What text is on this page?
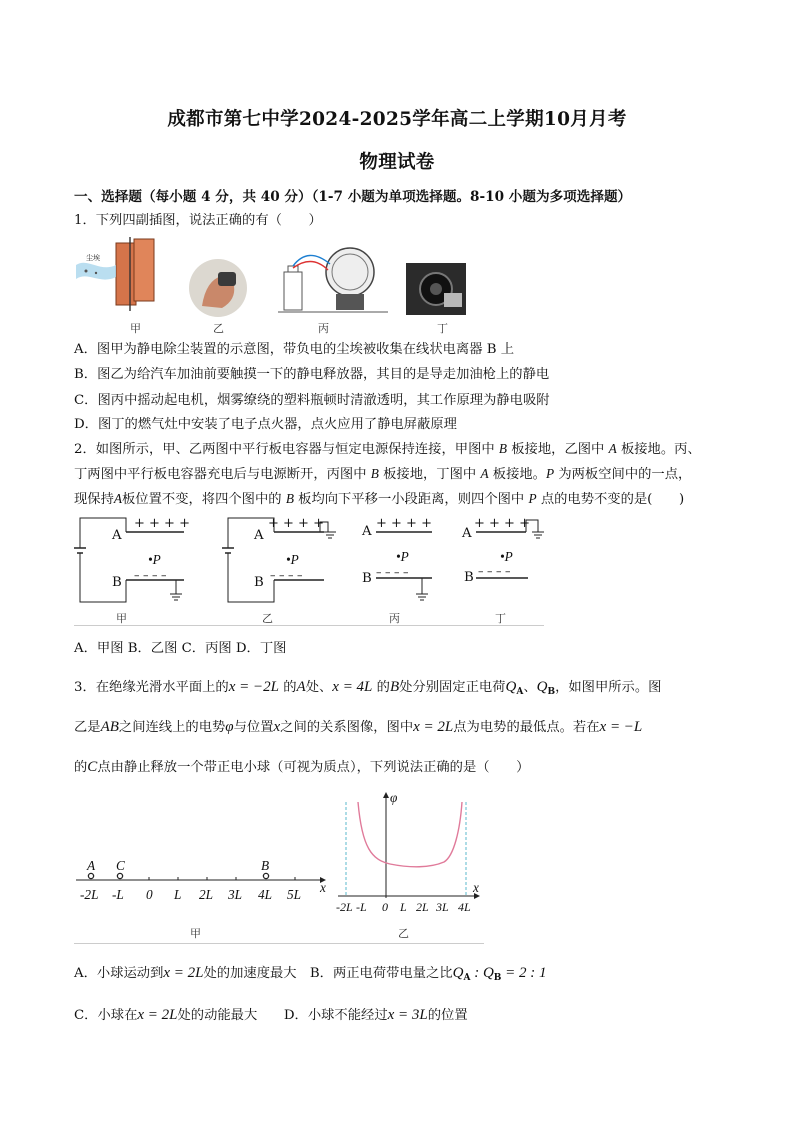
成都市第七中学2024-2025学年高二上学期10月月考
物理试卷
一、选择题（每小题 4 分，共 40 分）（1-7 小题为单项选择题。8-10 小题为多项选择题）
1．下列四副插图，说法正确的有（　　）
尘埃
甲	乙	丙	丁
A．图甲为静电除尘装置的示意图，带负电的尘埃被收集在线状电离器 B 上
B．图乙为给汽车加油前要触摸一下的静电释放器，其目的是导走加油枪上的静电
C．图丙中摇动起电机，烟雾缭绕的塑料瓶顿时清澈透明，其工作原理为静电吸附
D．图丁的燃气灶中安装了电子点火器，点火应用了静电屏蔽原理
2．如图所示，甲、乙两图中平行板电容器与恒定电源保持连接，甲图中 B 板接地，乙图中 A 板接地。丙、
丁两图中平行板电容器充电后与电源断开，丙图中 B 板接地，丁图中 A 板接地。P 为两板空间中的一点，
现保持A板位置不变，将四个图中的 B 板均向下平移一小段距离，则四个图中 P 点的电势不变的是(　　)
A
+ + + +
•P
B – – – –
A
+ + + +
•P
B – – – –
A
+ + + +
•P
B – – – –
A
+ + + +
•P
B – – – –
甲	乙	丙	丁
A．甲图 B．乙图 C．丙图 D．丁图
3．在绝缘光滑水平面上的x = −2L 的A处、x = 4L 的B处分别固定正电荷$Q_A$、$Q_B$，如图甲所示。图
乙是AB之间连线上的电势φ与位置x之间的关系图像，图中x = 2L点为电势的最低点。若在x = −L
的C点由静止释放一个带正电小球（可视为质点），下列说法正确的是（　　）
A C	B
x
-2L -L 0 L 2L 3L 4L 5L
甲
φ
x
-2L -L 0 L 2L 3L 4L
乙
A．小球运动到x = 2L处的加速度最大　B．两正电荷带电量之比$Q_A$ : $Q_B = 2$ : 1
C．小球在x = 2L处的动能最大　　D．小球不能经过x = 3L的位置
